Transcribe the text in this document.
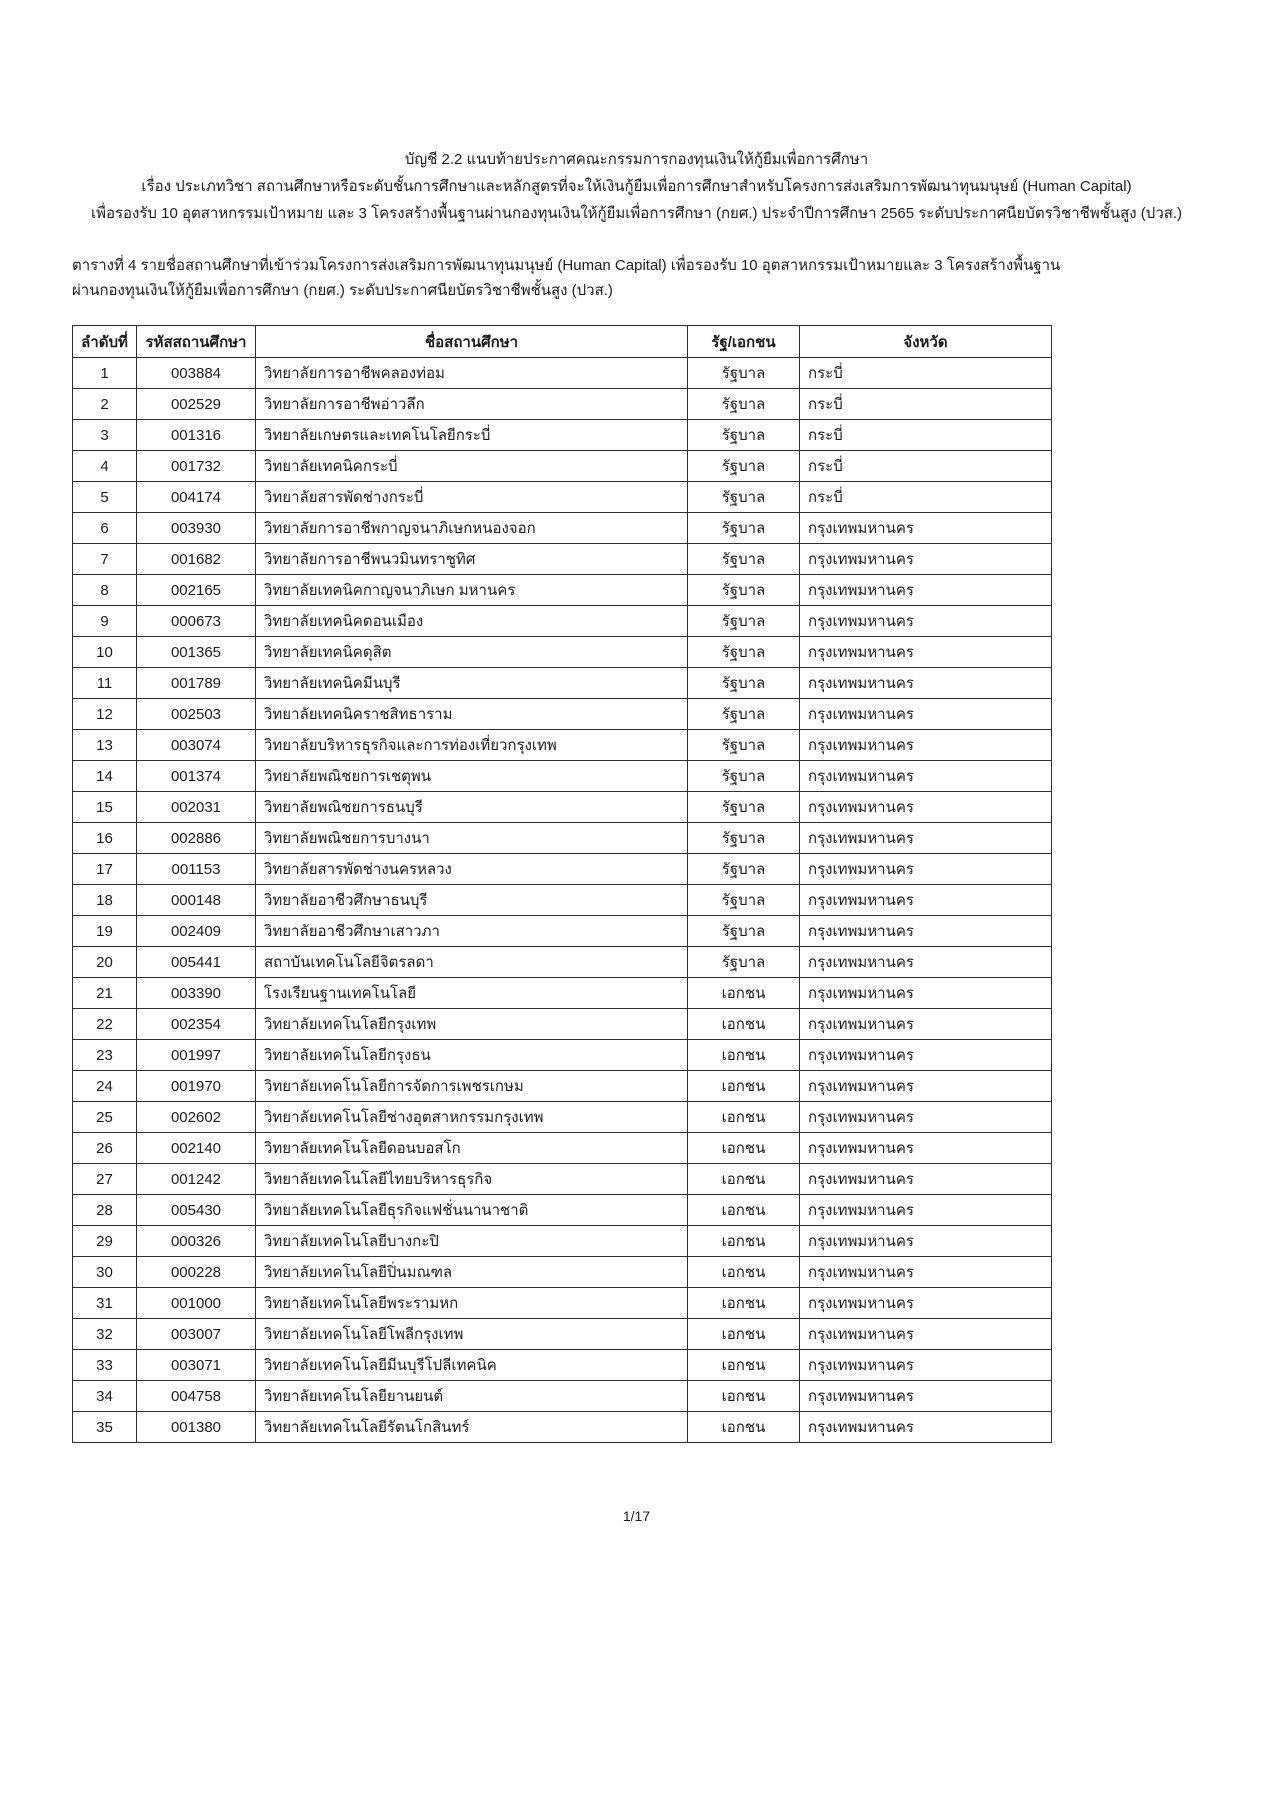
บัญชี 2.2 แนบท้ายประกาศคณะกรรมการกองทุนเงินให้กู้ยืมเพื่อการศึกษา
เรื่อง ประเภทวิชา สถานศึกษาหรือระดับชั้นการศึกษาและหลักสูตรที่จะให้เงินกู้ยืมเพื่อการศึกษาสำหรับโครงการส่งเสริมการพัฒนาทุนมนุษย์ (Human Capital)
เพื่อรองรับ 10 อุตสาหกรรมเป้าหมาย และ 3 โครงสร้างพื้นฐานผ่านกองทุนเงินให้กู้ยืมเพื่อการศึกษา (กยศ.) ประจำปีการศึกษา 2565 ระดับประกาศนียบัตรวิชาชีพชั้นสูง (ปวส.)
ตารางที่ 4 รายชื่อสถานศึกษาที่เข้าร่วมโครงการส่งเสริมการพัฒนาทุนมนุษย์ (Human Capital) เพื่อรองรับ 10 อุตสาหกรรมเป้าหมายและ 3 โครงสร้างพื้นฐาน
ผ่านกองทุนเงินให้กู้ยืมเพื่อการศึกษา (กยศ.) ระดับประกาศนียบัตรวิชาชีพชั้นสูง (ปวส.)
ลำดับที่	รหัสสถานศึกษา	ชื่อสถานศึกษา	รัฐ/เอกชน	จังหวัด
1	003884	วิทยาลัยการอาชีพคลองท่อม	รัฐบาล	กระบี่
2	002529	วิทยาลัยการอาชีพอ่าวลึก	รัฐบาล	กระบี่
3	001316	วิทยาลัยเกษตรและเทคโนโลยีกระบี่	รัฐบาล	กระบี่
4	001732	วิทยาลัยเทคนิคกระบี่	รัฐบาล	กระบี่
5	004174	วิทยาลัยสารพัดช่างกระบี่	รัฐบาล	กระบี่
6	003930	วิทยาลัยการอาชีพกาญจนาภิเษกหนองจอก	รัฐบาล	กรุงเทพมหานคร
7	001682	วิทยาลัยการอาชีพนวมินทราชูทิศ	รัฐบาล	กรุงเทพมหานคร
8	002165	วิทยาลัยเทคนิคกาญจนาภิเษก มหานคร	รัฐบาล	กรุงเทพมหานคร
9	000673	วิทยาลัยเทคนิคดอนเมือง	รัฐบาล	กรุงเทพมหานคร
10	001365	วิทยาลัยเทคนิคดุสิต	รัฐบาล	กรุงเทพมหานคร
11	001789	วิทยาลัยเทคนิคมีนบุรี	รัฐบาล	กรุงเทพมหานคร
12	002503	วิทยาลัยเทคนิคราชสิทธาราม	รัฐบาล	กรุงเทพมหานคร
13	003074	วิทยาลัยบริหารธุรกิจและการท่องเที่ยวกรุงเทพ	รัฐบาล	กรุงเทพมหานคร
14	001374	วิทยาลัยพณิชยการเชตุพน	รัฐบาล	กรุงเทพมหานคร
15	002031	วิทยาลัยพณิชยการธนบุรี	รัฐบาล	กรุงเทพมหานคร
16	002886	วิทยาลัยพณิชยการบางนา	รัฐบาล	กรุงเทพมหานคร
17	001153	วิทยาลัยสารพัดช่างนครหลวง	รัฐบาล	กรุงเทพมหานคร
18	000148	วิทยาลัยอาชีวศึกษาธนบุรี	รัฐบาล	กรุงเทพมหานคร
19	002409	วิทยาลัยอาชีวศึกษาเสาวภา	รัฐบาล	กรุงเทพมหานคร
20	005441	สถาบันเทคโนโลยีจิตรลดา	รัฐบาล	กรุงเทพมหานคร
21	003390	โรงเรียนฐานเทคโนโลยี	เอกชน	กรุงเทพมหานคร
22	002354	วิทยาลัยเทคโนโลยีกรุงเทพ	เอกชน	กรุงเทพมหานคร
23	001997	วิทยาลัยเทคโนโลยีกรุงธน	เอกชน	กรุงเทพมหานคร
24	001970	วิทยาลัยเทคโนโลยีการจัดการเพชรเกษม	เอกชน	กรุงเทพมหานคร
25	002602	วิทยาลัยเทคโนโลยีช่างอุตสาหกรรมกรุงเทพ	เอกชน	กรุงเทพมหานคร
26	002140	วิทยาลัยเทคโนโลยีดอนบอสโก	เอกชน	กรุงเทพมหานคร
27	001242	วิทยาลัยเทคโนโลยีไทยบริหารธุรกิจ	เอกชน	กรุงเทพมหานคร
28	005430	วิทยาลัยเทคโนโลยีธุรกิจแฟชั่นนานาชาติ	เอกชน	กรุงเทพมหานคร
29	000326	วิทยาลัยเทคโนโลยีบางกะปิ	เอกชน	กรุงเทพมหานคร
30	000228	วิทยาลัยเทคโนโลยีปิ่นมณฑล	เอกชน	กรุงเทพมหานคร
31	001000	วิทยาลัยเทคโนโลยีพระรามหก	เอกชน	กรุงเทพมหานคร
32	003007	วิทยาลัยเทคโนโลยีโพลีกรุงเทพ	เอกชน	กรุงเทพมหานคร
33	003071	วิทยาลัยเทคโนโลยีมีนบุรีโปลีเทคนิค	เอกชน	กรุงเทพมหานคร
34	004758	วิทยาลัยเทคโนโลยียานยนต์	เอกชน	กรุงเทพมหานคร
35	001380	วิทยาลัยเทคโนโลยีรัตนโกสินทร์	เอกชน	กรุงเทพมหานคร
1/17
